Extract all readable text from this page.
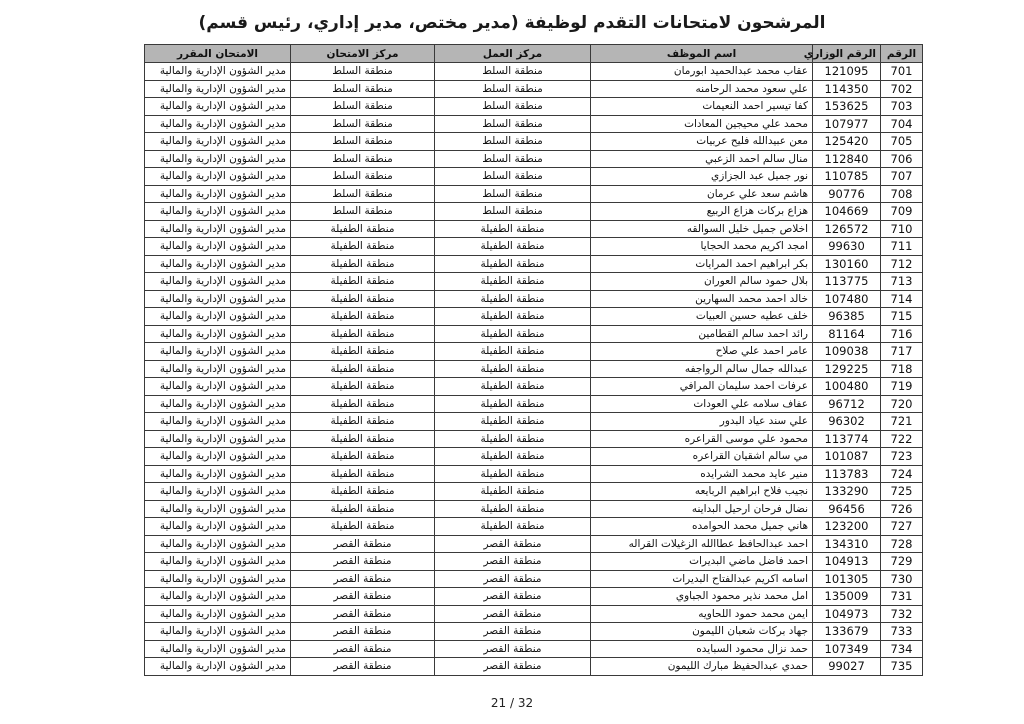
المرشحون لامتحانات التقدم لوظيفة (مدير مختص، مدير إداري، رئيس قسم)
الرقم	الرقم الوزاري	اسم الموظف	مركز العمل	مركز الامتحان	الامتحان المقرر
701	121095	عقاب محمد عبدالحميد ابورمان	منطقة السلط	منطقة السلط	مدير الشؤون الإدارية والمالية
702	114350	علي سعود محمد الرحامنه	منطقة السلط	منطقة السلط	مدير الشؤون الإدارية والمالية
703	153625	كفا تيسير احمد النعيمات	منطقة السلط	منطقة السلط	مدير الشؤون الإدارية والمالية
704	107977	محمد علي محيجين المعادات	منطقة السلط	منطقة السلط	مدير الشؤون الإدارية والمالية
705	125420	معن عبيدالله فليح عربيات	منطقة السلط	منطقة السلط	مدير الشؤون الإدارية والمالية
706	112840	منال سالم احمد الزعبي	منطقة السلط	منطقة السلط	مدير الشؤون الإدارية والمالية
707	110785	نور جميل عبد الجزازي	منطقة السلط	منطقة السلط	مدير الشؤون الإدارية والمالية
708	90776	هاشم سعد علي عرمان	منطقة السلط	منطقة السلط	مدير الشؤون الإدارية والمالية
709	104669	هزاع بركات هزاع الربيع	منطقة السلط	منطقة السلط	مدير الشؤون الإدارية والمالية
710	126572	اخلاص جميل خليل السوالقه	منطقة الطفيلة	منطقة الطفيلة	مدير الشؤون الإدارية والمالية
711	99630	امجد اكريم محمد الحجايا	منطقة الطفيلة	منطقة الطفيلة	مدير الشؤون الإدارية والمالية
712	130160	بكر ابراهيم احمد المرايات	منطقة الطفيلة	منطقة الطفيلة	مدير الشؤون الإدارية والمالية
713	113775	بلال حمود سالم العوران	منطقة الطفيلة	منطقة الطفيلة	مدير الشؤون الإدارية والمالية
714	107480	خالد احمد محمد السهارين	منطقة الطفيلة	منطقة الطفيلة	مدير الشؤون الإدارية والمالية
715	96385	خلف عطيه حسين العبيات	منطقة الطفيلة	منطقة الطفيلة	مدير الشؤون الإدارية والمالية
716	81164	رائد احمد سالم القطامين	منطقة الطفيلة	منطقة الطفيلة	مدير الشؤون الإدارية والمالية
717	109038	عامر احمد علي صلاح	منطقة الطفيلة	منطقة الطفيلة	مدير الشؤون الإدارية والمالية
718	129225	عبدالله جمال سالم الرواجفه	منطقة الطفيلة	منطقة الطفيلة	مدير الشؤون الإدارية والمالية
719	100480	عرفات احمد سليمان المرافي	منطقة الطفيلة	منطقة الطفيلة	مدير الشؤون الإدارية والمالية
720	96712	عفاف سلامه علي العودات	منطقة الطفيلة	منطقة الطفيلة	مدير الشؤون الإدارية والمالية
721	96302	علي سند عياد البدور	منطقة الطفيلة	منطقة الطفيلة	مدير الشؤون الإدارية والمالية
722	113774	محمود علي موسى القراعره	منطقة الطفيلة	منطقة الطفيلة	مدير الشؤون الإدارية والمالية
723	101087	مي سالم اشقيان القراعره	منطقة الطفيلة	منطقة الطفيلة	مدير الشؤون الإدارية والمالية
724	113783	منير عايد محمد الشرايده	منطقة الطفيلة	منطقة الطفيلة	مدير الشؤون الإدارية والمالية
725	133290	نجيب فلاح ابراهيم الربايعه	منطقة الطفيلة	منطقة الطفيلة	مدير الشؤون الإدارية والمالية
726	96456	نضال فرحان ارحيل البداينه	منطقة الطفيلة	منطقة الطفيلة	مدير الشؤون الإدارية والمالية
727	123200	هاني جميل محمد الحوامده	منطقة الطفيلة	منطقة الطفيلة	مدير الشؤون الإدارية والمالية
728	134310	احمد عبدالحافظ عطاالله الزغيلات القراله	منطقة القصر	منطقة القصر	مدير الشؤون الإدارية والمالية
729	104913	احمد فاضل ماضي البديرات	منطقة القصر	منطقة القصر	مدير الشؤون الإدارية والمالية
730	101305	اسامه اكريم عبدالفتاح البديرات	منطقة القصر	منطقة القصر	مدير الشؤون الإدارية والمالية
731	135009	امل محمد نذير محمود الجباوي	منطقة القصر	منطقة القصر	مدير الشؤون الإدارية والمالية
732	104973	ايمن محمد حمود اللحاويه	منطقة القصر	منطقة القصر	مدير الشؤون الإدارية والمالية
733	133679	جهاد بركات شعبان الليمون	منطقة القصر	منطقة القصر	مدير الشؤون الإدارية والمالية
734	107349	حمد نزال محمود السبايده	منطقة القصر	منطقة القصر	مدير الشؤون الإدارية والمالية
735	99027	حمدي عبدالحفيظ مبارك الليمون	منطقة القصر	منطقة القصر	مدير الشؤون الإدارية والمالية
21 / 32
